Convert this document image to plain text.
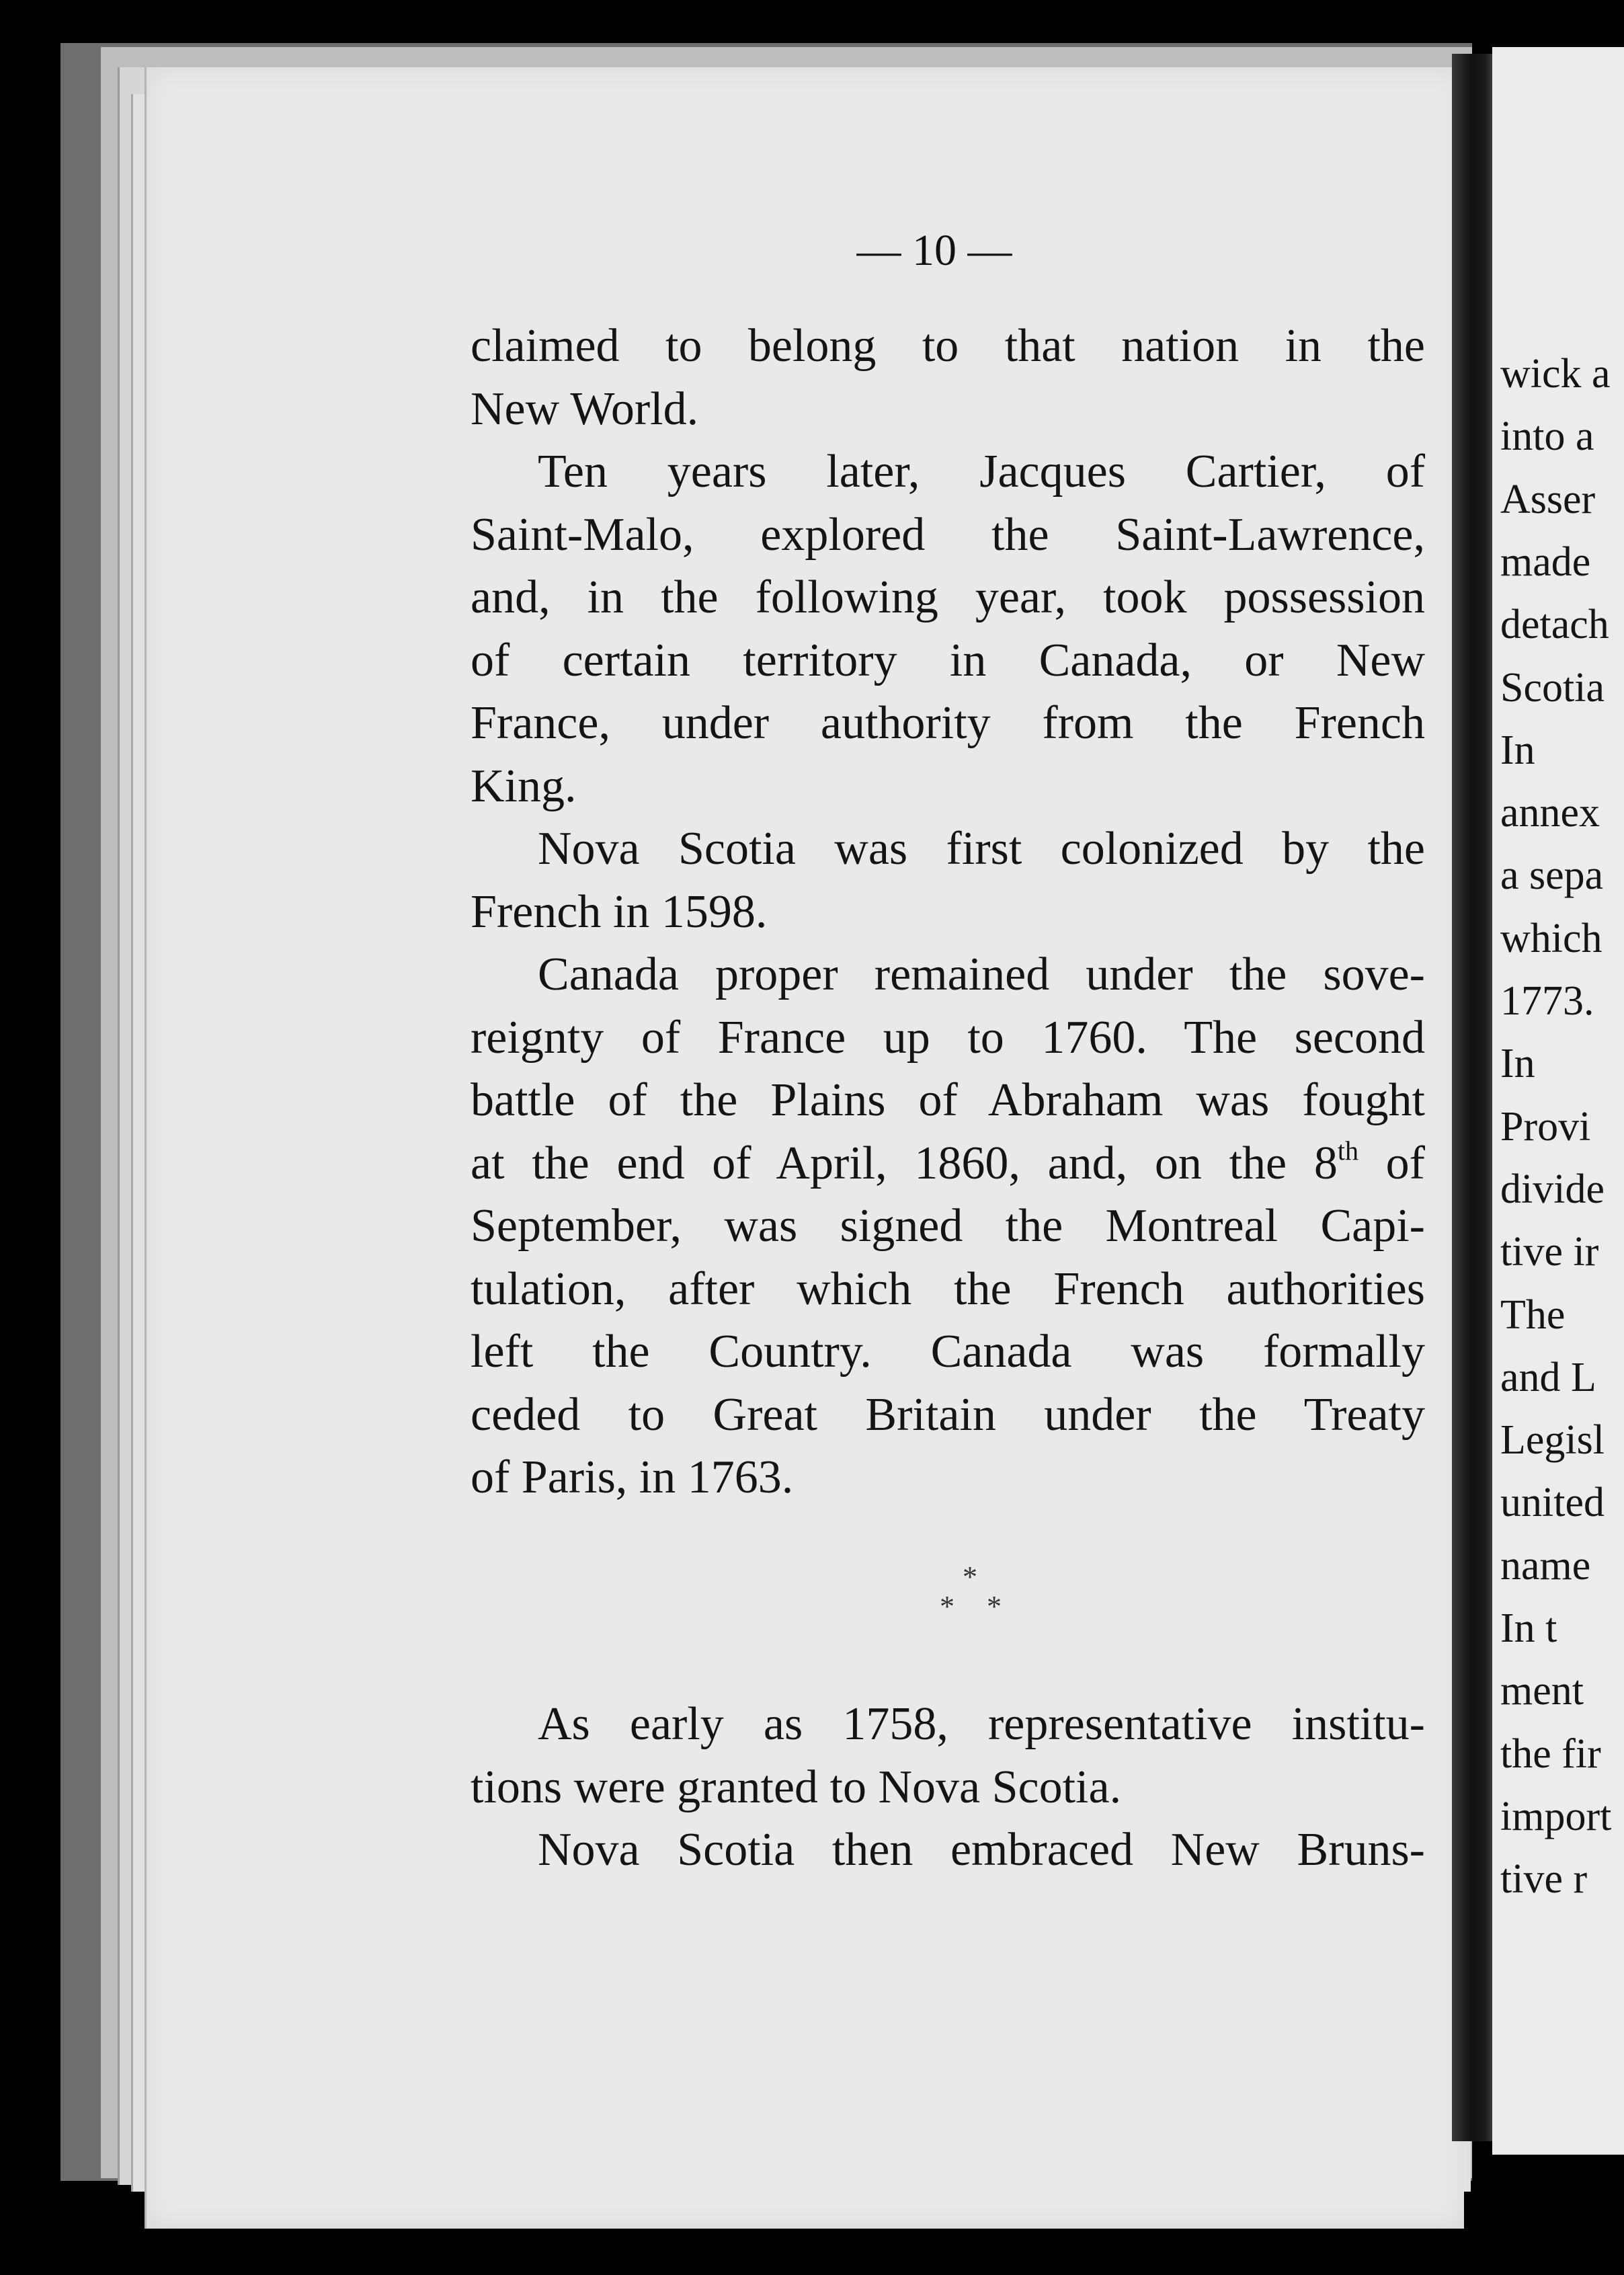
— 10 —
claimed to belong to that nation in the
New World.
Ten years later, Jacques Cartier, of
Saint-Malo, explored the Saint-Lawrence,
and, in the following year, took possession
of certain territory in Canada, or New
France, under authority from the French
King.
Nova Scotia was first colonized by the
French in 1598.
Canada proper remained under the sove-
reignty of France up to 1760. The second
battle of the Plains of Abraham was fought
at the end of April, 1860, and, on the 8th of
September, was signed the Montreal Capi-
tulation, after which the French authorities
left the Country. Canada was formally
ceded to Great Britain under the Treaty
of Paris, in 1763.
*
* *
As early as 1758, representative institu-
tions were granted to Nova Scotia.
Nova Scotia then embraced New Bruns-
wick a
into a
Asser
made
detach
Scotia
In
annex
a sepa
which
1773.
In
Provi
divide
tive ir
The
and L
Legisl
united
name
In t
ment
the fir
import
tive r
